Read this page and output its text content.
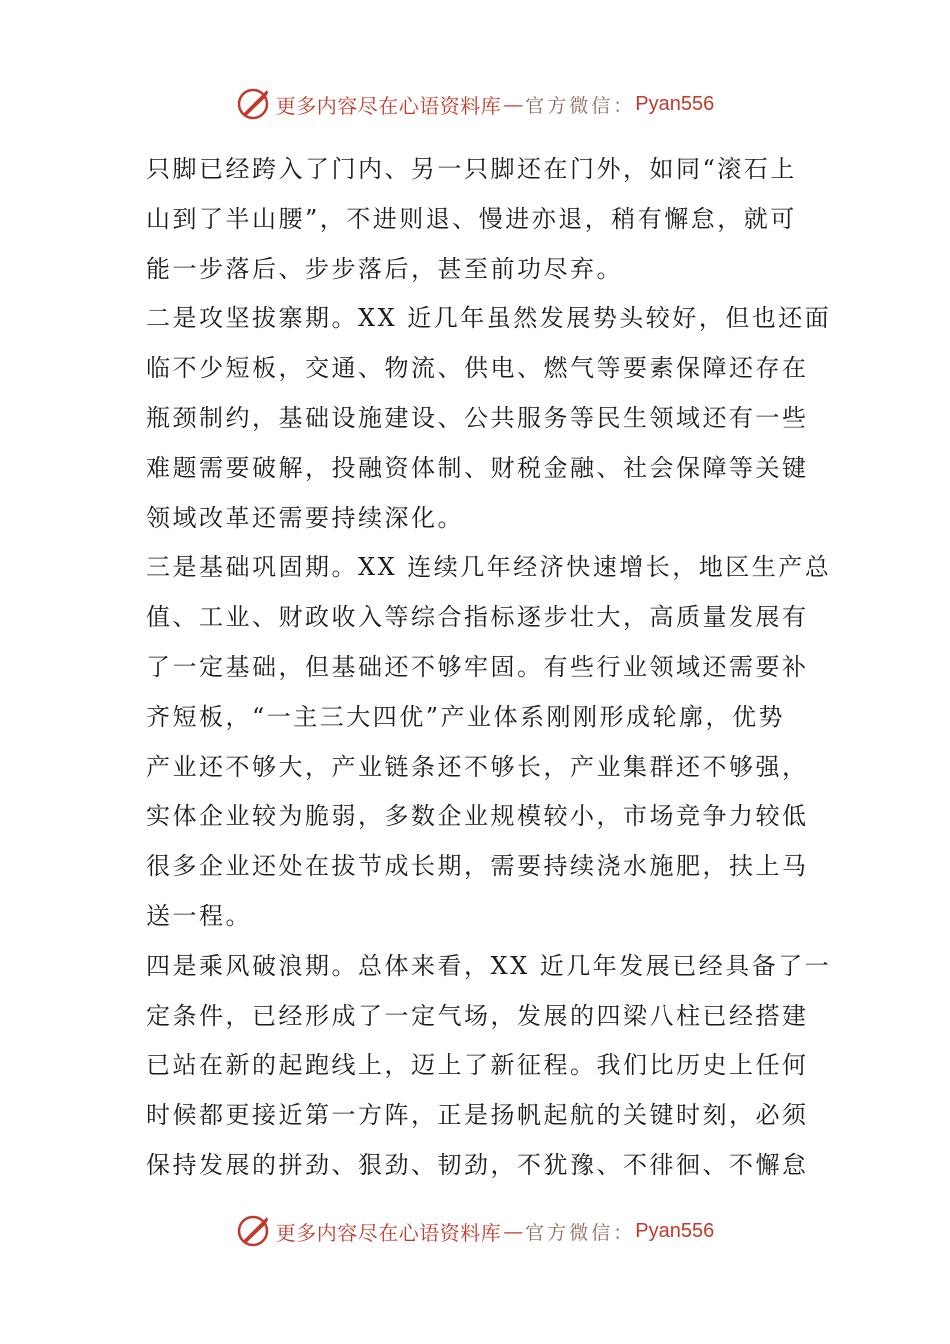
更多内容尽在心语资料库 — 官方微信： Pyan556
只脚已经跨入了门内、另一只脚还在门外，如同“滚石上
山到了半山腰”，不进则退、慢进亦退，稍有懈怠，就可
能一步落后、步步落后，甚至前功尽弃。
二是攻坚拔寨期。XX 近几年虽然发展势头较好，但也还面
临不少短板，交通、物流、供电、燃气等要素保障还存在
瓶颈制约，基础设施建设、公共服务等民生领域还有一些
难题需要破解，投融资体制、财税金融、社会保障等关键
领域改革还需要持续深化。
三是基础巩固期。XX 连续几年经济快速增长，地区生产总
值、工业、财政收入等综合指标逐步壮大，高质量发展有
了一定基础，但基础还不够牢固。有些行业领域还需要补
齐短板，“一主三大四优”产业体系刚刚形成轮廓，优势
产业还不够大，产业链条还不够长，产业集群还不够强，
实体企业较为脆弱，多数企业规模较小，市场竞争力较低
很多企业还处在拔节成长期，需要持续浇水施肥，扶上马
送一程。
四是乘风破浪期。总体来看，XX 近几年发展已经具备了一
定条件，已经形成了一定气场，发展的四梁八柱已经搭建
已站在新的起跑线上，迈上了新征程。我们比历史上任何
时候都更接近第一方阵，正是扬帆起航的关键时刻，必须
保持发展的拼劲、狠劲、韧劲，不犹豫、不徘徊、不懈怠
更多内容尽在心语资料库 — 官方微信： Pyan556
